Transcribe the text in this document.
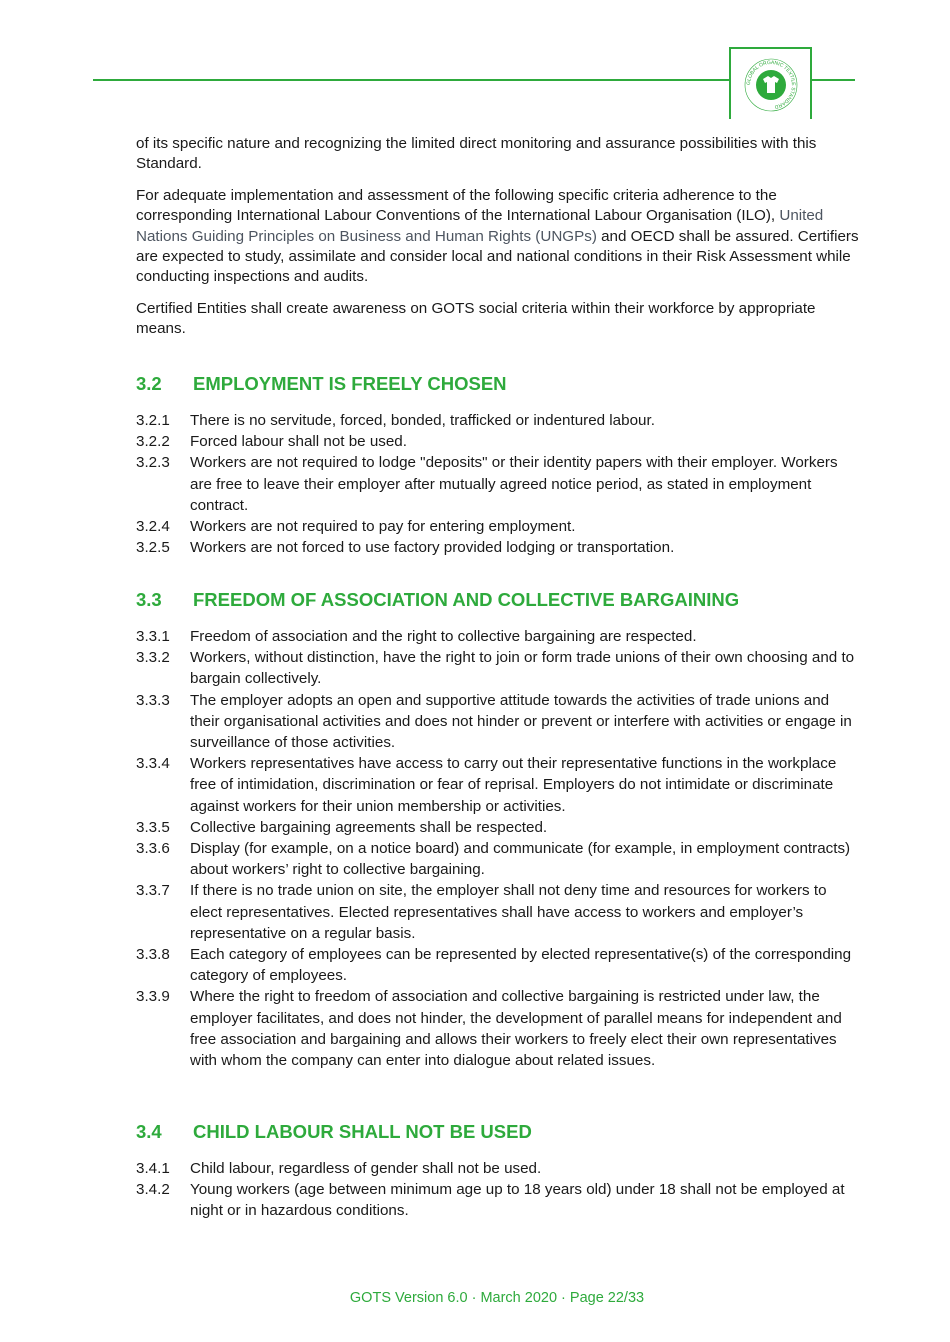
GLOBAL ORGANIC TEXTILE STANDARD

of its specific nature and recognizing the limited direct monitoring and assurance possibilities with this Standard.

For adequate implementation and assessment of the following specific criteria adherence to the corresponding International Labour Conventions of the International Labour Organisation (ILO), United Nations Guiding Principles on Business and Human Rights (UNGPs) and OECD shall be assured. Certifiers are expected to study, assimilate and consider local and national conditions in their Risk Assessment while conducting inspections and audits.

Certified Entities shall create awareness on GOTS social criteria within their workforce by appropriate means.

3.2 EMPLOYMENT IS FREELY CHOSEN
3.2.1	There is no servitude, forced, bonded, trafficked or indentured labour.
3.2.2	Forced labour shall not be used.
3.2.3	Workers are not required to lodge "deposits" or their identity papers with their employer. Workers are free to leave their employer after mutually agreed notice period, as stated in employment contract.
3.2.4	Workers are not required to pay for entering employment.
3.2.5	Workers are not forced to use factory provided lodging or transportation.
3.3 FREEDOM OF ASSOCIATION AND COLLECTIVE BARGAINING
3.3.1	Freedom of association and the right to collective bargaining are respected.
3.3.2	Workers, without distinction, have the right to join or form trade unions of their own choosing and to bargain collectively.
3.3.3	The employer adopts an open and supportive attitude towards the activities of trade unions and their organisational activities and does not hinder or prevent or interfere with activities or engage in surveillance of those activities.
3.3.4	Workers representatives have access to carry out their representative functions in the workplace free of intimidation, discrimination or fear of reprisal. Employers do not intimidate or discriminate against workers for their union membership or activities.
3.3.5	Collective bargaining agreements shall be respected.
3.3.6	Display (for example, on a notice board) and communicate (for example, in employment contracts) about workers’ right to collective bargaining.
3.3.7	If there is no trade union on site, the employer shall not deny time and resources for workers to elect representatives. Elected representatives shall have access to workers and employer’s representative on a regular basis.
3.3.8	Each category of employees can be represented by elected representative(s) of the corresponding category of employees.
3.3.9	Where the right to freedom of association and collective bargaining is restricted under law, the employer facilitates, and does not hinder, the development of parallel means for independent and free association and bargaining and allows their workers to freely elect their own representatives with whom the company can enter into dialogue about related issues.
3.4 CHILD LABOUR SHALL NOT BE USED
3.4.1	Child labour, regardless of gender shall not be used.
3.4.2	Young workers (age between minimum age up to 18 years old) under 18 shall not be employed at night or in hazardous conditions.
GOTS Version 6.0 · March 2020 · Page 22/33
